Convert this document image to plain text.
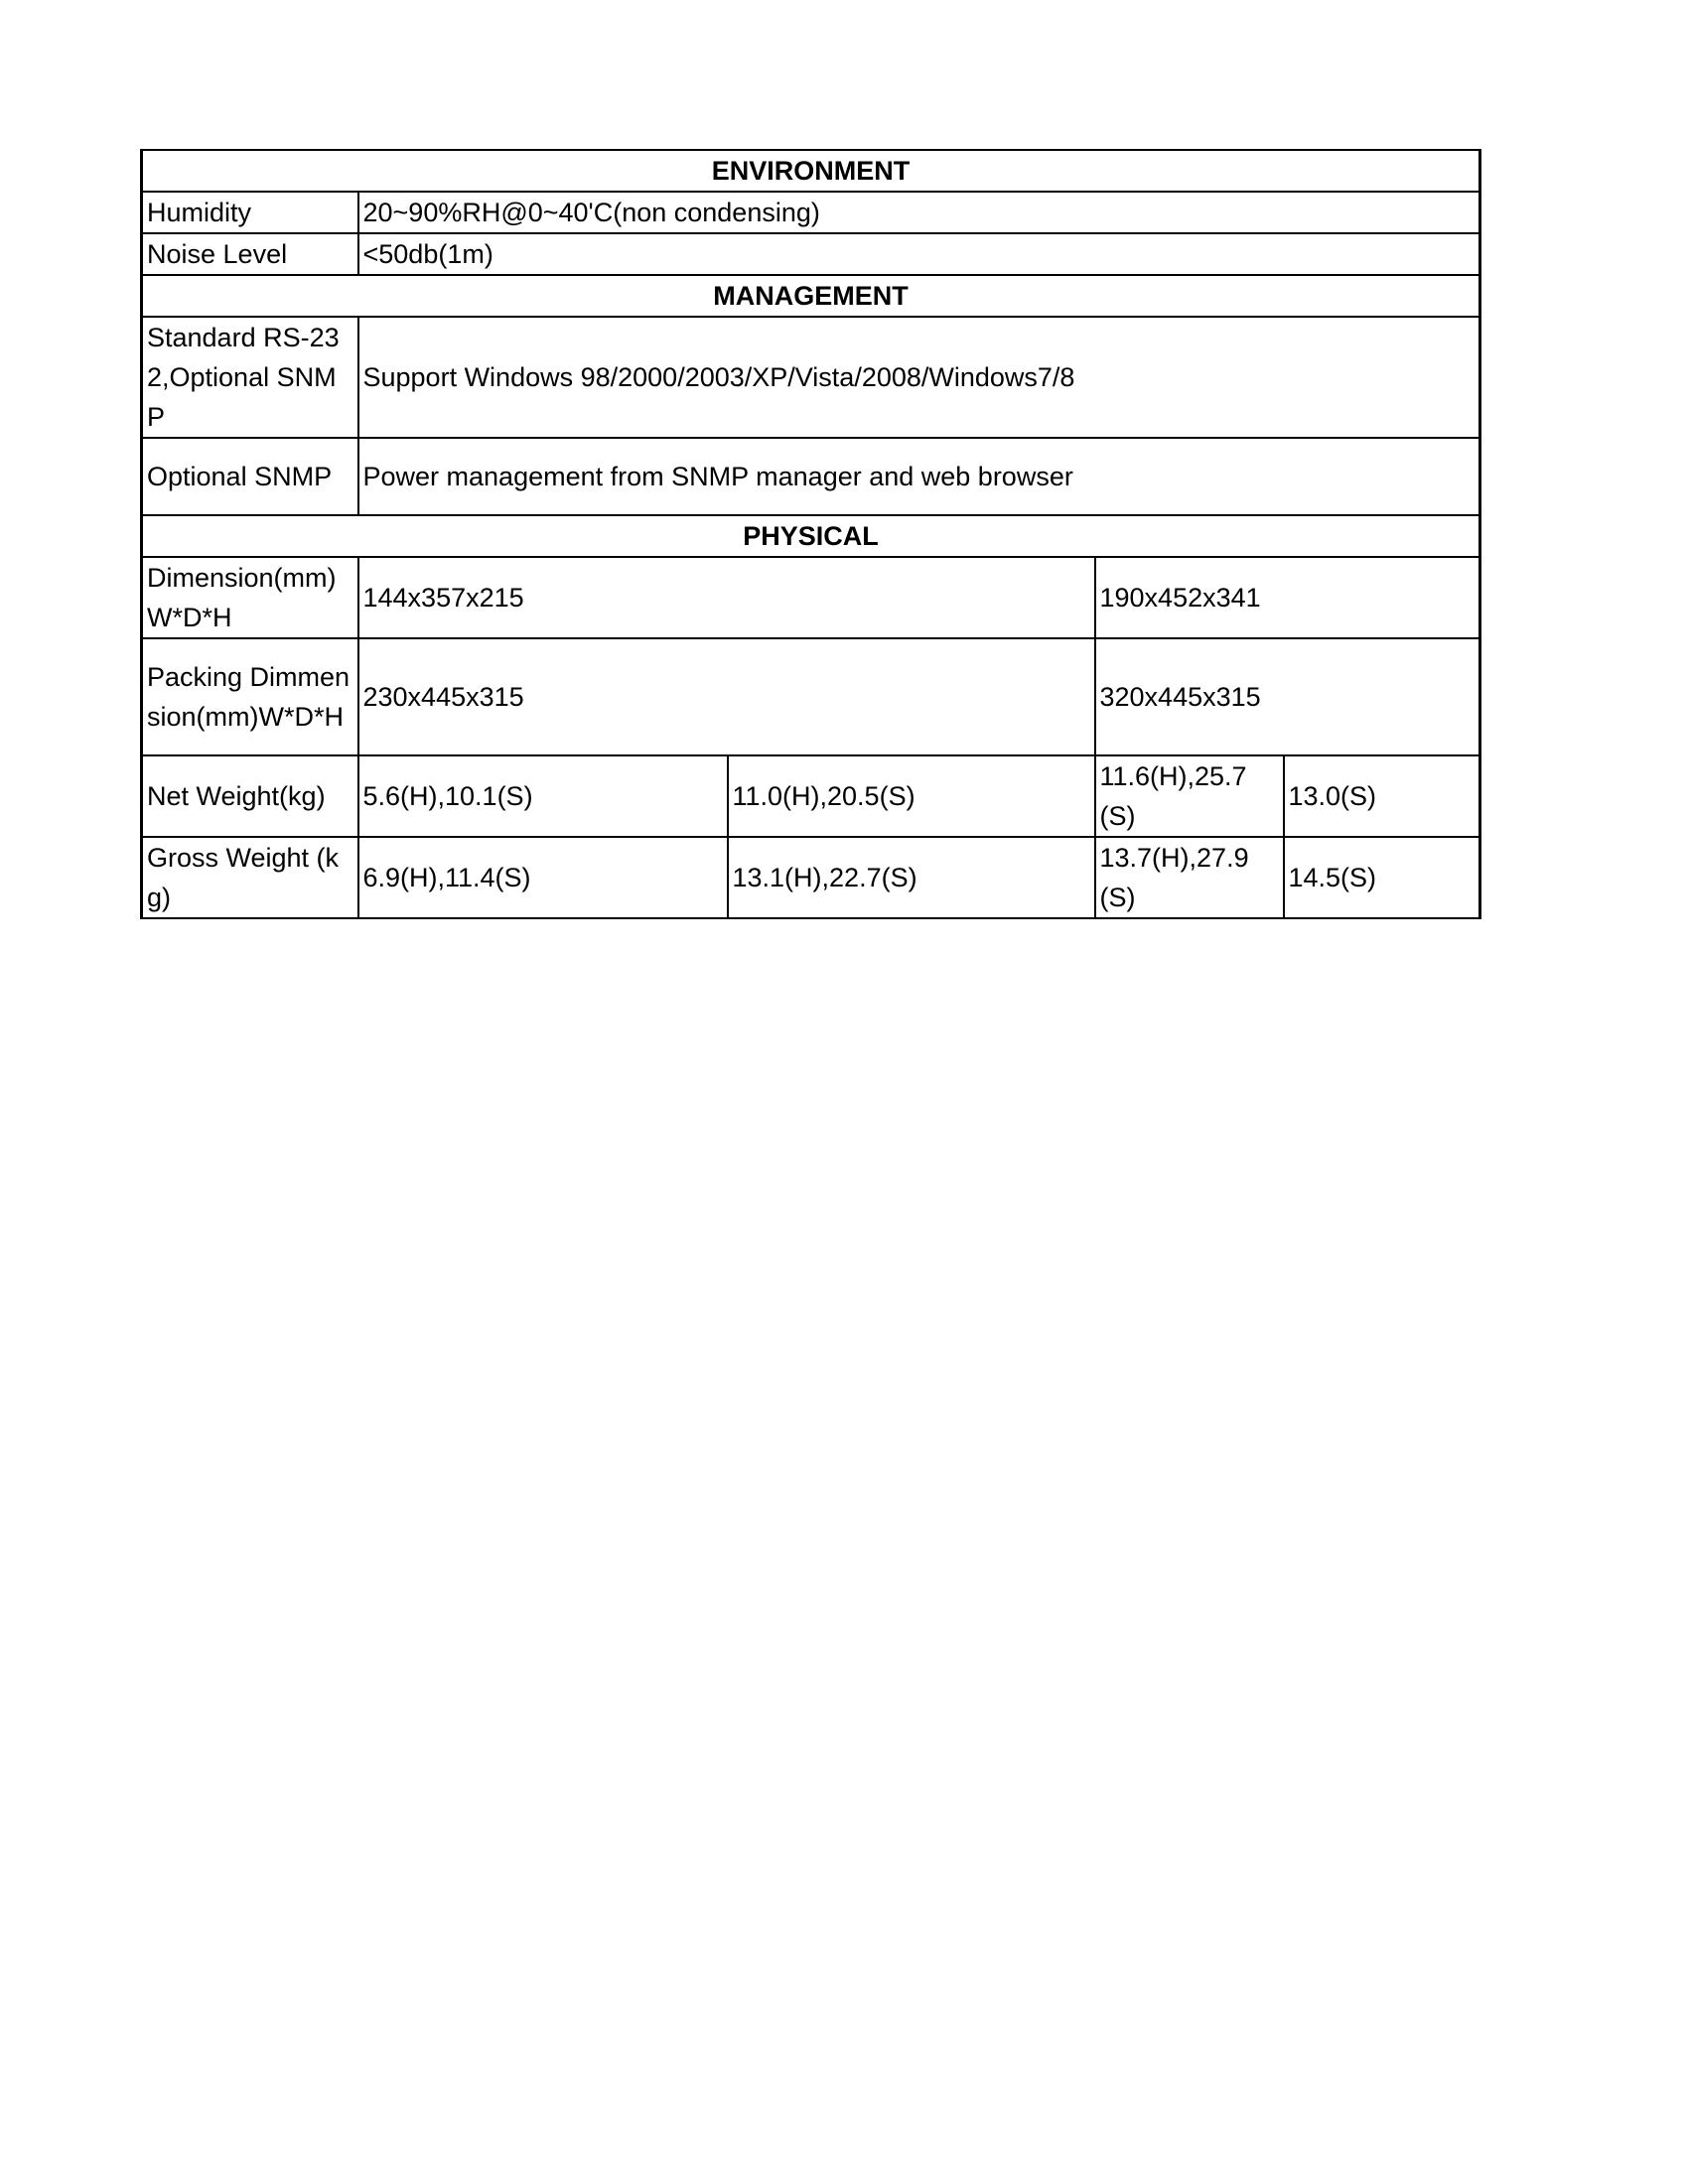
ENVIRONMENT				
Humidity	20~90%RH@0~40'C(non condensing)			
Noise Level	<50db(1m)			
MANAGEMENT				
Standard RS-232,Optional SNMP	Support Windows 98/2000/2003/XP/Vista/2008/Windows7/8			
Optional SNMP	Power management from SNMP manager and web browser			
PHYSICAL				
Dimension(mm) W*D*H	144x357x215		190x452x341	
Packing Dimmension(mm)W*D*H	230x445x315		320x445x315	
Net Weight(kg)	5.6(H),10.1(S)	11.0(H),20.5(S)	11.6(H),25.7(S)	13.0(S)
Gross Weight (kg)	6.9(H),11.4(S)	13.1(H),22.7(S)	13.7(H),27.9(S)	14.5(S)
